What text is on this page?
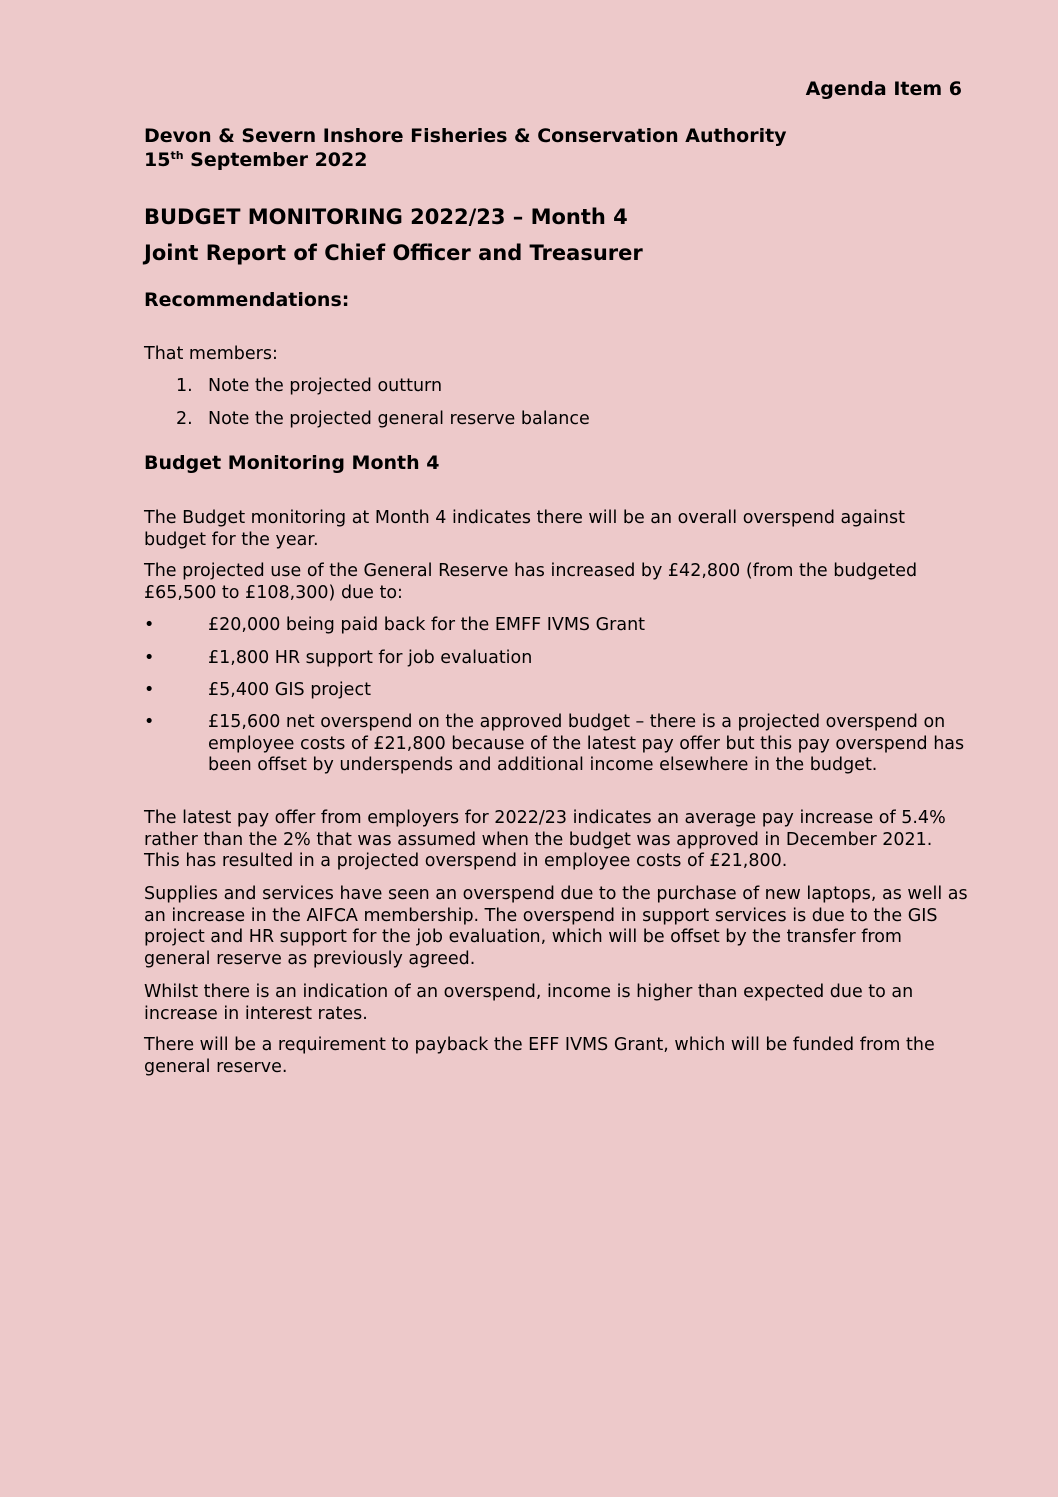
Agenda Item 6
Devon & Severn Inshore Fisheries & Conservation Authority
15th September 2022
BUDGET MONITORING 2022/23 – Month 4
Joint Report of Chief Officer and Treasurer
Recommendations:
That members:
1. Note the projected outturn
2. Note the projected general reserve balance
Budget Monitoring Month 4

The Budget monitoring at Month 4 indicates there will be an overall overspend against budget for the year.

The projected use of the General Reserve has increased by £42,800 (from the budgeted £65,500 to £108,300) due to:

•	£20,000 being paid back for the EMFF IVMS Grant
•	£1,800 HR support for job evaluation
•	£5,400 GIS project
•	£15,600 net overspend on the approved budget – there is a projected overspend on employee costs of £21,800 because of the latest pay offer but this pay overspend has been offset by underspends and additional income elsewhere in the budget.

The latest pay offer from employers for 2022/23 indicates an average pay increase of 5.4% rather than the 2% that was assumed when the budget was approved in December 2021. This has resulted in a projected overspend in employee costs of £21,800.

Supplies and services have seen an overspend due to the purchase of new laptops, as well as an increase in the AIFCA membership. The overspend in support services is due to the GIS project and HR support for the job evaluation, which will be offset by the transfer from general reserve as previously agreed.

Whilst there is an indication of an overspend, income is higher than expected due to an increase in interest rates.

There will be a requirement to payback the EFF IVMS Grant, which will be funded from the general reserve.
